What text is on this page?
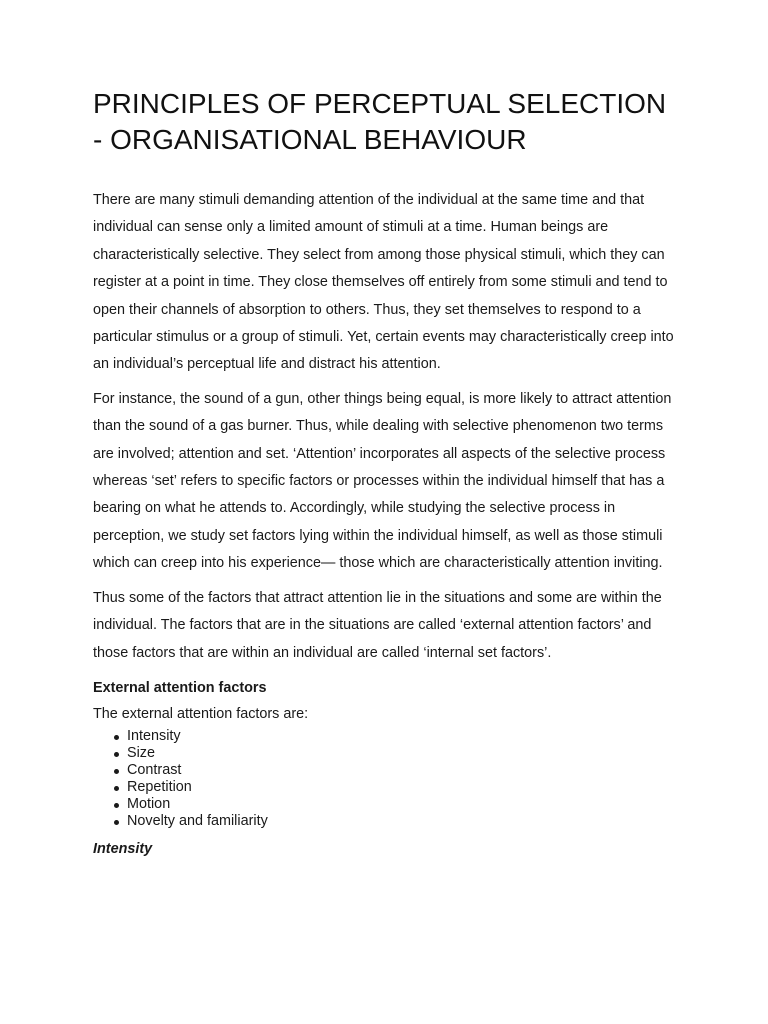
PRINCIPLES OF PERCEPTUAL SELECTION - ORGANISATIONAL BEHAVIOUR

There are many stimuli demanding attention of the individual at the same time and that individual can sense only a limited amount of stimuli at a time. Human beings are characteristically selective. They select from among those physical stimuli, which they can register at a point in time. They close themselves off entirely from some stimuli and tend to open their channels of absorption to others. Thus, they set themselves to respond to a particular stimulus or a group of stimuli. Yet, certain events may characteristically creep into an individual’s perceptual life and distract his attention.

For instance, the sound of a gun, other things being equal, is more likely to attract attention than the sound of a gas burner. Thus, while dealing with selective phenomenon two terms are involved; attention and set. ‘Attention’ incorporates all aspects of the selective process whereas ‘set’ refers to specific factors or processes within the individual himself that has a bearing on what he attends to. Accordingly, while studying the selective process in perception, we study set factors lying within the individual himself, as well as those stimuli which can creep into his experience— those which are characteristically attention inviting.

Thus some of the factors that attract attention lie in the situations and some are within the individual. The factors that are in the situations are called ‘external attention factors’ and those factors that are within an individual are called ‘internal set factors’.

External attention factors
The external attention factors are:
Intensity
Size
Contrast
Repetition
Motion
Novelty and familiarity
Intensity
